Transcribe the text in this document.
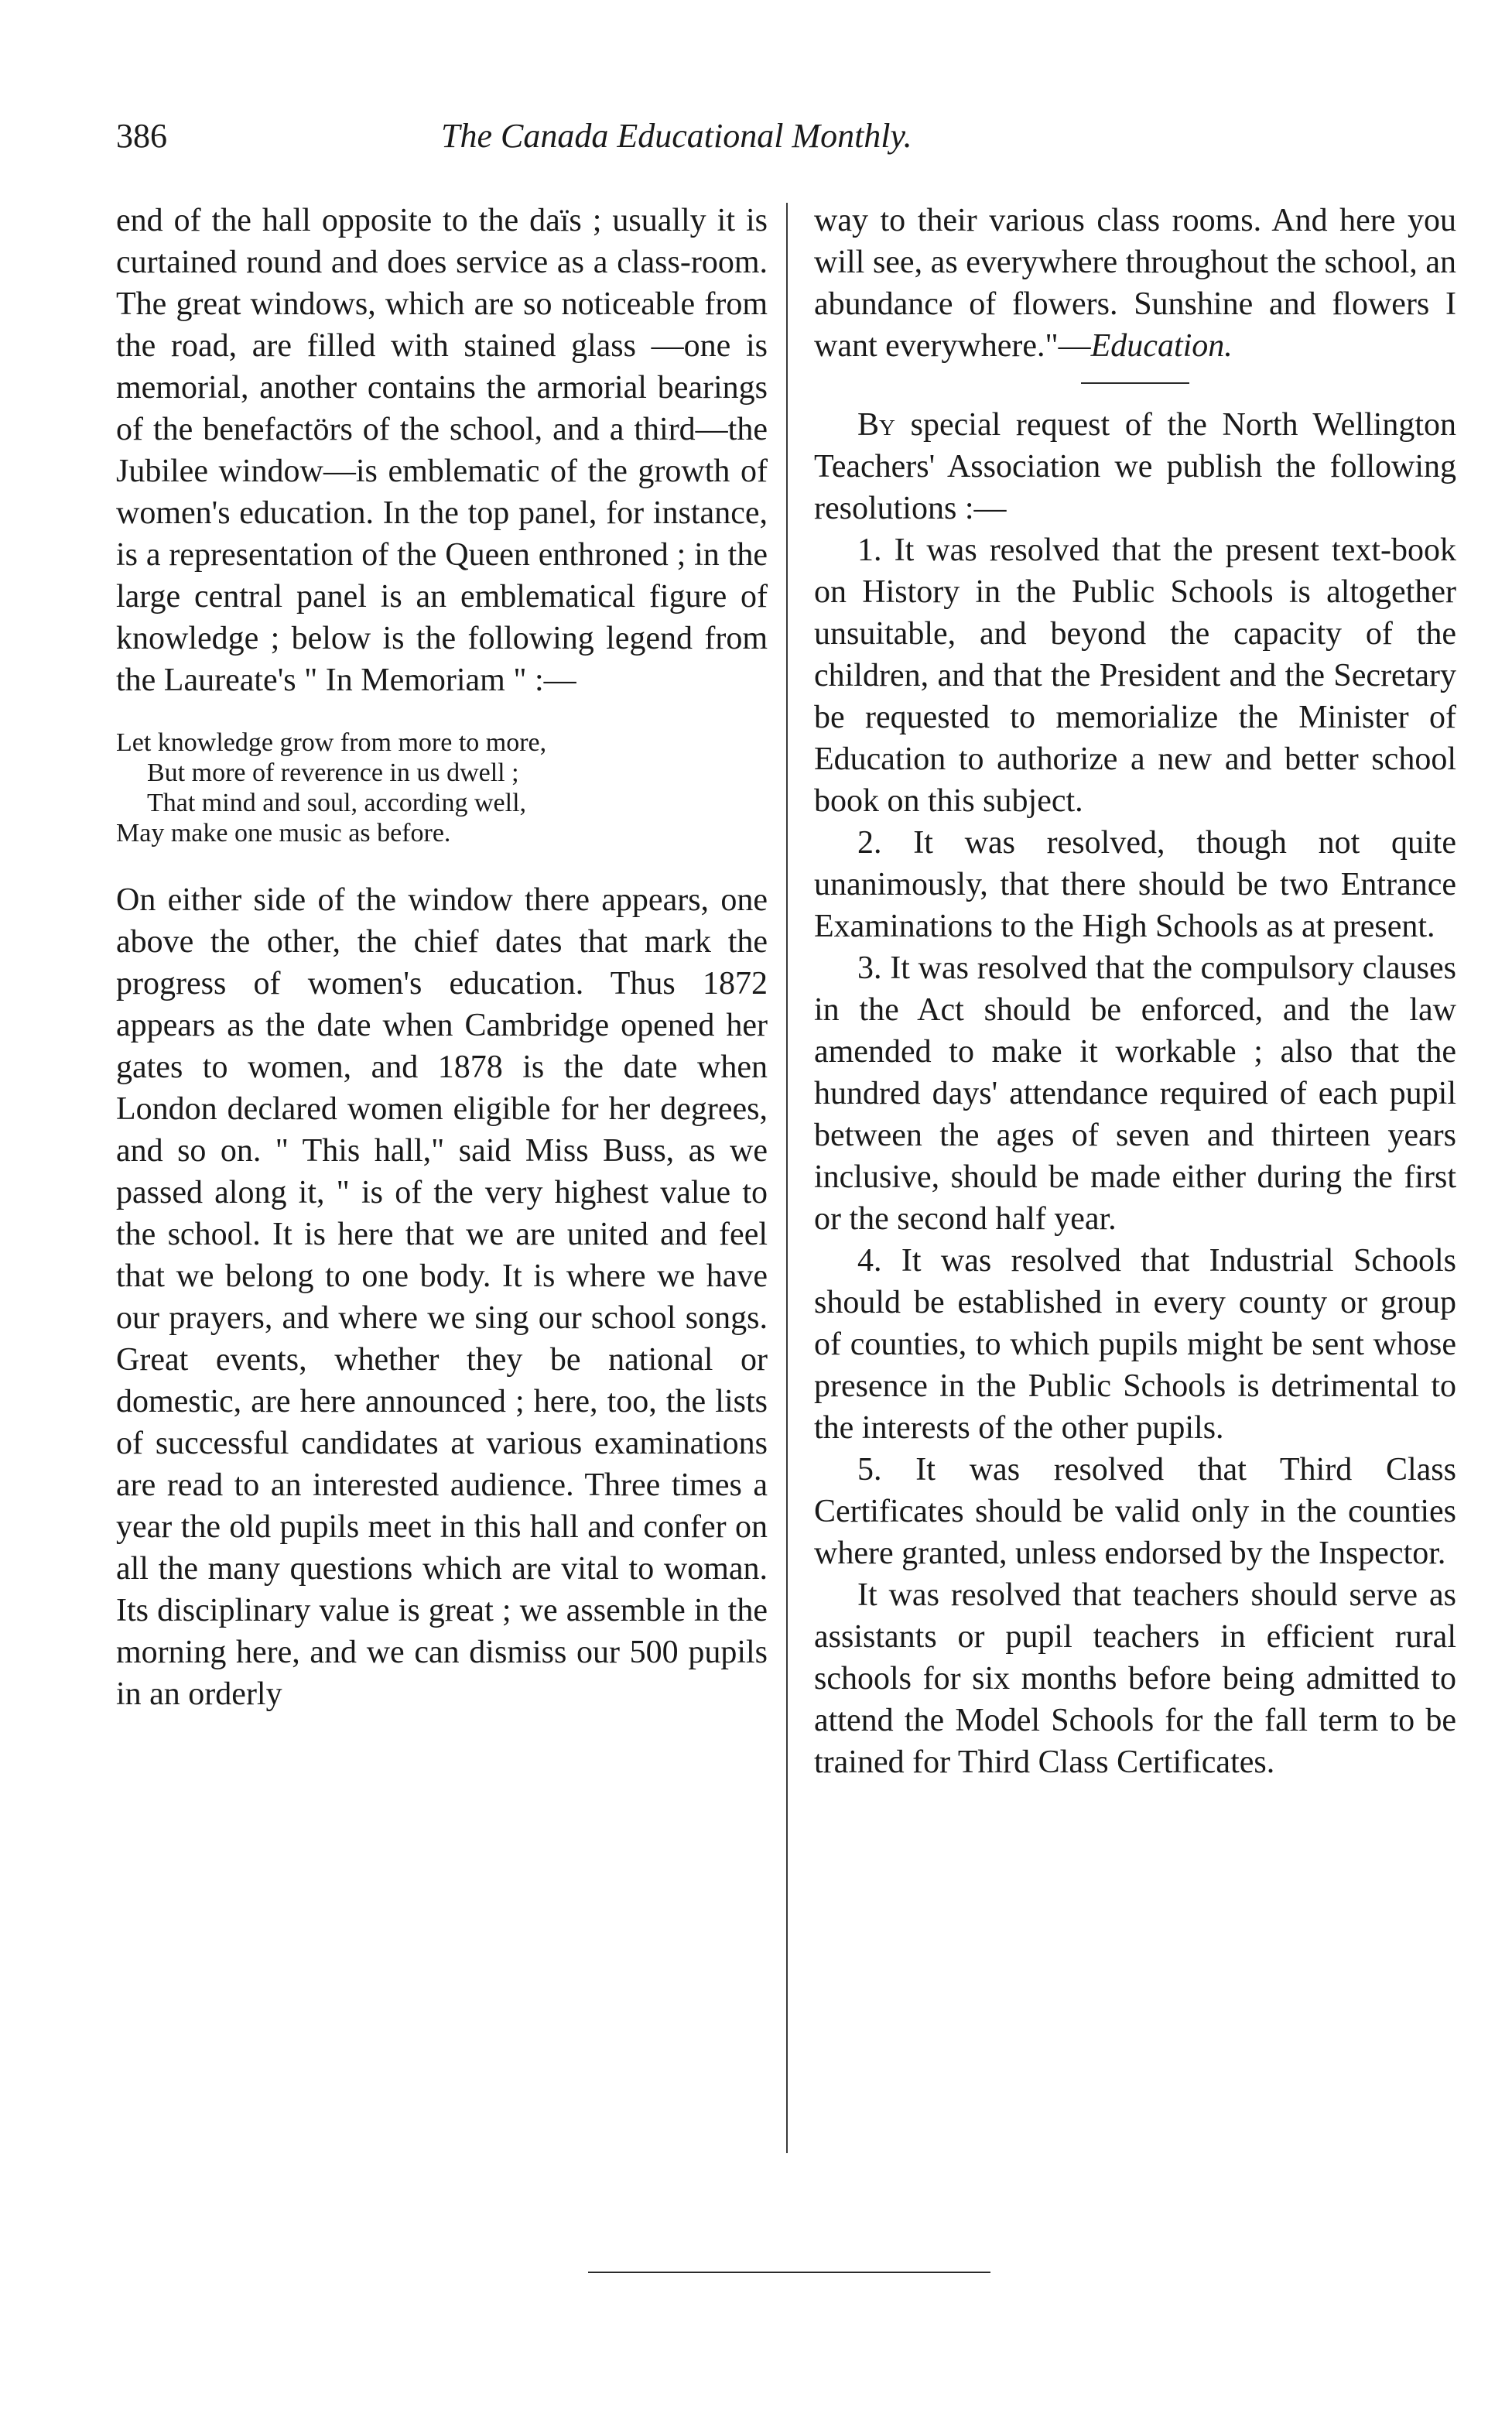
386	The Canada Educational Monthly.

end of the hall opposite to the daïs ; usually it is curtained round and does service as a class-room. The great windows, which are so noticeable from the road, are filled with stained glass —one is memorial, another contains the armorial bearings of the benefactörs of the school, and a third—the Jubilee window—is emblematic of the growth of women's education. In the top panel, for instance, is a representation of the Queen enthroned ; in the large central panel is an emblematical figure of knowledge ; below is the following legend from the Laureate's " In Memoriam " :—

Let knowledge grow from more to more,
But more of reverence in us dwell ;
That mind and soul, according well,
May make one music as before.

On either side of the window there appears, one above the other, the chief dates that mark the progress of women's education. Thus 1872 appears as the date when Cambridge opened her gates to women, and 1878 is the date when London declared women eligible for her degrees, and so on. " This hall," said Miss Buss, as we passed along it, " is of the very highest value to the school. It is here that we are united and feel that we belong to one body. It is where we have our prayers, and where we sing our school songs. Great events, whether they be national or domestic, are here announced ; here, too, the lists of successful candidates at various examinations are read to an interested audience. Three times a year the old pupils meet in this hall and confer on all the many questions which are vital to woman. Its disciplinary value is great ; we assemble in the morning here, and we can dismiss our 500 pupils in an orderly

way to their various class rooms. And here you will see, as everywhere throughout the school, an abundance of flowers. Sunshine and flowers I want everywhere."—Education.

By special request of the North Wellington Teachers' Association we publish the following resolutions :—

1. It was resolved that the present text-book on History in the Public Schools is altogether unsuitable, and beyond the capacity of the children, and that the President and the Secretary be requested to memorialize the Minister of Education to authorize a new and better school book on this subject.

2. It was resolved, though not quite unanimously, that there should be two Entrance Examinations to the High Schools as at present.

3. It was resolved that the compulsory clauses in the Act should be enforced, and the law amended to make it workable ; also that the hundred days' attendance required of each pupil between the ages of seven and thirteen years inclusive, should be made either during the first or the second half year.

4. It was resolved that Industrial Schools should be established in every county or group of counties, to which pupils might be sent whose presence in the Public Schools is detrimental to the interests of the other pupils.

5. It was resolved that Third Class Certificates should be valid only in the counties where granted, unless endorsed by the Inspector.

It was resolved that teachers should serve as assistants or pupil teachers in efficient rural schools for six months before being admitted to attend the Model Schools for the fall term to be trained for Third Class Certificates.
